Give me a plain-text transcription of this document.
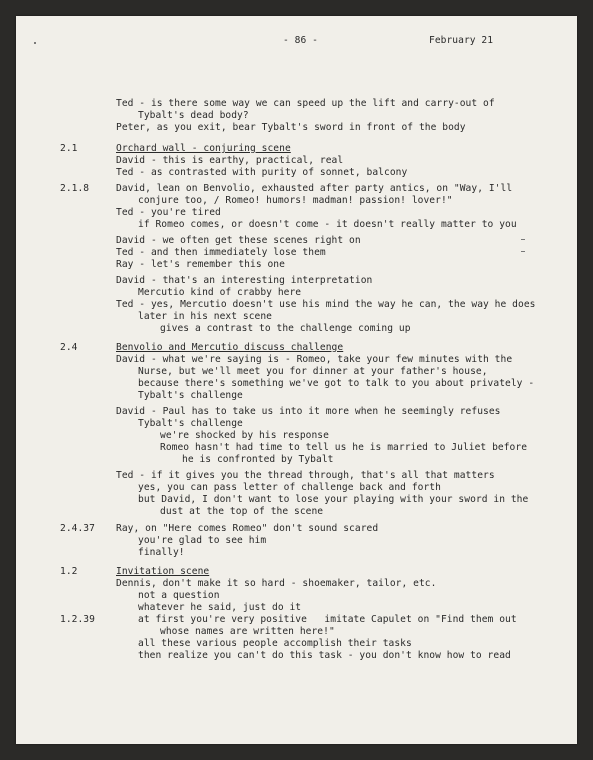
- 86 -	February 21
Ted - is there some way we can speed up the lift and carry-out of
Tybalt's dead body?
Peter, as you exit, bear Tybalt's sword in front of the body
2.1	Orchard wall - conjuring scene
David - this is earthy, practical, real
Ted - as contrasted with purity of sonnet, balcony
2.1.8	David, lean on Benvolio, exhausted after party antics, on "Way, I'll
conjure too, / Romeo! humors! madman! passion! lover!"
Ted - you're tired
if Romeo comes, or doesn't come - it doesn't really matter to you
David - we often get these scenes right on
Ted - and then immediately lose them
Ray - let's remember this one
David - that's an interesting interpretation
Mercutio kind of crabby here
Ted - yes, Mercutio doesn't use his mind the way he can, the way he does
later in his next scene
gives a contrast to the challenge coming up
2.4	Benvolio and Mercutio discuss challenge
David - what we're saying is - Romeo, take your few minutes with the
Nurse, but we'll meet you for dinner at your father's house,
because there's something we've got to talk to you about privately -
Tybalt's challenge
David - Paul has to take us into it more when he seemingly refuses
Tybalt's challenge
we're shocked by his response
Romeo hasn't had time to tell us he is married to Juliet before
he is confronted by Tybalt
Ted - if it gives you the thread through, that's all that matters
yes, you can pass letter of challenge back and forth
but David, I don't want to lose your playing with your sword in the
dust at the top of the scene
2.4.37 Ray, on "Here comes Romeo" don't sound scared
you're glad to see him
finally!
1.2	Invitation scene
Dennis, don't make it so hard - shoemaker, tailor, etc.
not a question
whatever he said, just do it
1.2.39	at first you're very positive   imitate Capulet on "Find them out
whose names are written here!"
all these various people accomplish their tasks
then realize you can't do this task - you don't know how to read
